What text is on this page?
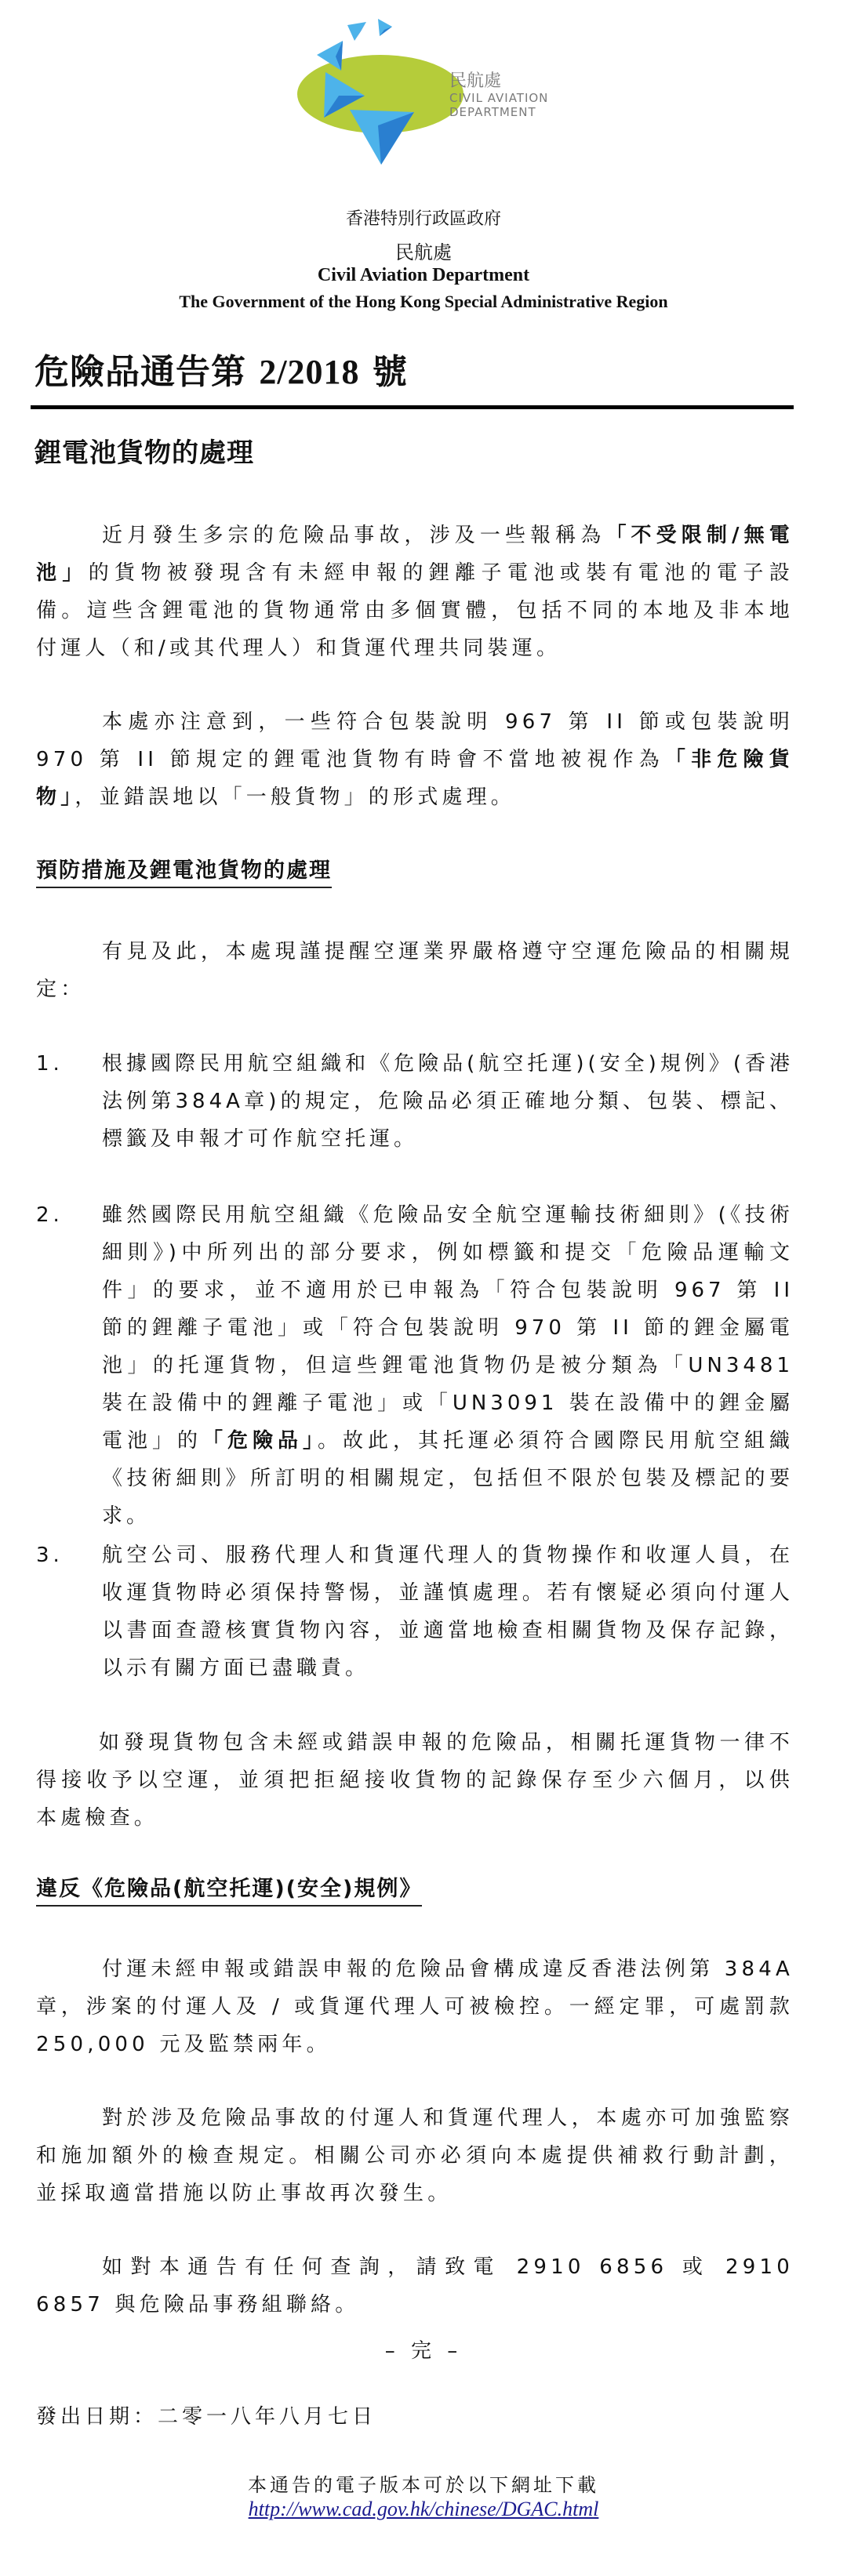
民航處
CIVIL AVIATION
DEPARTMENT
香港特別行政區政府
民航處
Civil Aviation Department
The Government of the Hong Kong Special Administrative Region
危險品通告第 2/2018 號
鋰電池貨物的處理
近月發生多宗的危險品事故，涉及一些報稱為「不受限制/無電池」的貨物被發現含有未經申報的鋰離子電池或裝有電池的電子設備。這些含鋰電池的貨物通常由多個實體，包括不同的本地及非本地付運人（和/或其代理人）和貨運代理共同裝運。
本處亦注意到，一些符合包裝說明 967 第 II 節或包裝說明 970 第 II 節規定的鋰電池貨物有時會不當地被視作為「非危險貨物」，並錯誤地以「一般貨物」的形式處理。
預防措施及鋰電池貨物的處理
有見及此，本處現謹提醒空運業界嚴格遵守空運危險品的相關規定：
1. 根據國際民用航空組織和《危險品(航空托運)(安全)規例》(香港法例第384A章)的規定，危險品必須正確地分類、包裝、標記、標籤及申報才可作航空托運。
2. 雖然國際民用航空組織《危險品安全航空運輸技術細則》(《技術細則》)中所列出的部分要求，例如標籤和提交「危險品運輸文件」的要求，並不適用於已申報為「符合包裝說明 967 第 II 節的鋰離子電池」或「符合包裝說明 970 第 II 節的鋰金屬電池」的托運貨物，但這些鋰電池貨物仍是被分類為「UN3481 裝在設備中的鋰離子電池」或「UN3091 裝在設備中的鋰金屬電池」的「危險品」。故此，其托運必須符合國際民用航空組織《技術細則》所訂明的相關規定，包括但不限於包裝及標記的要求。
3. 航空公司、服務代理人和貨運代理人的貨物操作和收運人員，在收運貨物時必須保持警惕，並謹慎處理。若有懷疑必須向付運人以書面查證核實貨物內容，並適當地檢查相關貨物及保存記錄，以示有關方面已盡職責。
如發現貨物包含未經或錯誤申報的危險品，相關托運貨物一律不得接收予以空運，並須把拒絕接收貨物的記錄保存至少六個月，以供本處檢查。
違反《危險品(航空托運)(安全)規例》
付運未經申報或錯誤申報的危險品會構成違反香港法例第 384A 章，涉案的付運人及 / 或貨運代理人可被檢控。一經定罪，可處罰款 250,000 元及監禁兩年。
對於涉及危險品事故的付運人和貨運代理人，本處亦可加強監察和施加額外的檢查規定。相關公司亦必須向本處提供補救行動計劃，並採取適當措施以防止事故再次發生。
如對本通告有任何查詢，請致電 2910 6856 或 2910 6857 與危險品事務組聯絡。
– 完 –
發出日期：二零一八年八月七日
本通告的電子版本可於以下網址下載
http://www.cad.gov.hk/chinese/DGAC.html
